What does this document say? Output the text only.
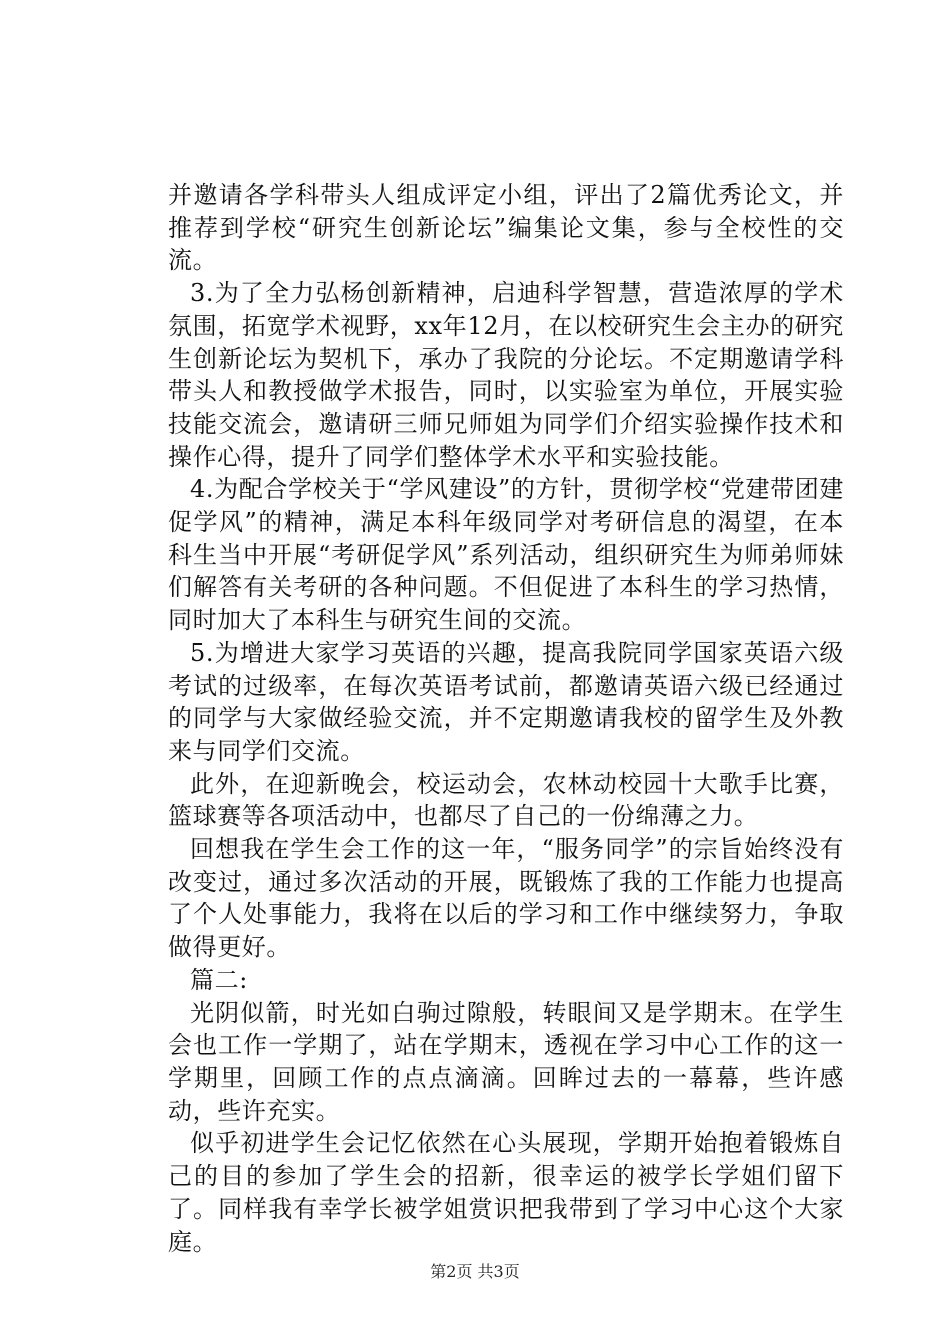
并邀请各学科带头人组成评定小组，评出了2篇优秀论文，并推荐到学校“研究生创新论坛”编集论文集，参与全校性的交流。

3.为了全力弘杨创新精神，启迪科学智慧，营造浓厚的学术氛围，拓宽学术视野，xx年12月，在以校研究生会主办的研究生创新论坛为契机下，承办了我院的分论坛。不定期邀请学科带头人和教授做学术报告，同时，以实验室为单位，开展实验技能交流会，邀请研三师兄师姐为同学们介绍实验操作技术和操作心得，提升了同学们整体学术水平和实验技能。

4.为配合学校关于“学风建设”的方针，贯彻学校“党建带团建促学风”的精神，满足本科年级同学对考研信息的渴望，在本科生当中开展“考研促学风”系列活动，组织研究生为师弟师妹们解答有关考研的各种问题。不但促进了本科生的学习热情，同时加大了本科生与研究生间的交流。

5.为增进大家学习英语的兴趣，提高我院同学国家英语六级考试的过级率，在每次英语考试前，都邀请英语六级已经通过的同学与大家做经验交流，并不定期邀请我校的留学生及外教来与同学们交流。

此外，在迎新晚会，校运动会，农林动校园十大歌手比赛，篮球赛等各项活动中，也都尽了自己的一份绵薄之力。

回想我在学生会工作的这一年，“服务同学”的宗旨始终没有改变过，通过多次活动的开展，既锻炼了我的工作能力也提高了个人处事能力，我将在以后的学习和工作中继续努力，争取做得更好。

篇二:

光阴似箭，时光如白驹过隙般，转眼间又是学期末。在学生会也工作一学期了，站在学期末，透视在学习中心工作的这一学期里，回顾工作的点点滴滴。回眸过去的一幕幕，些许感动，些许充实。

似乎初进学生会记忆依然在心头展现，学期开始抱着锻炼自己的目的参加了学生会的招新，很幸运的被学长学姐们留下了。同样我有幸学长被学姐赏识把我带到了学习中心这个大家庭。

第2页 共3页
